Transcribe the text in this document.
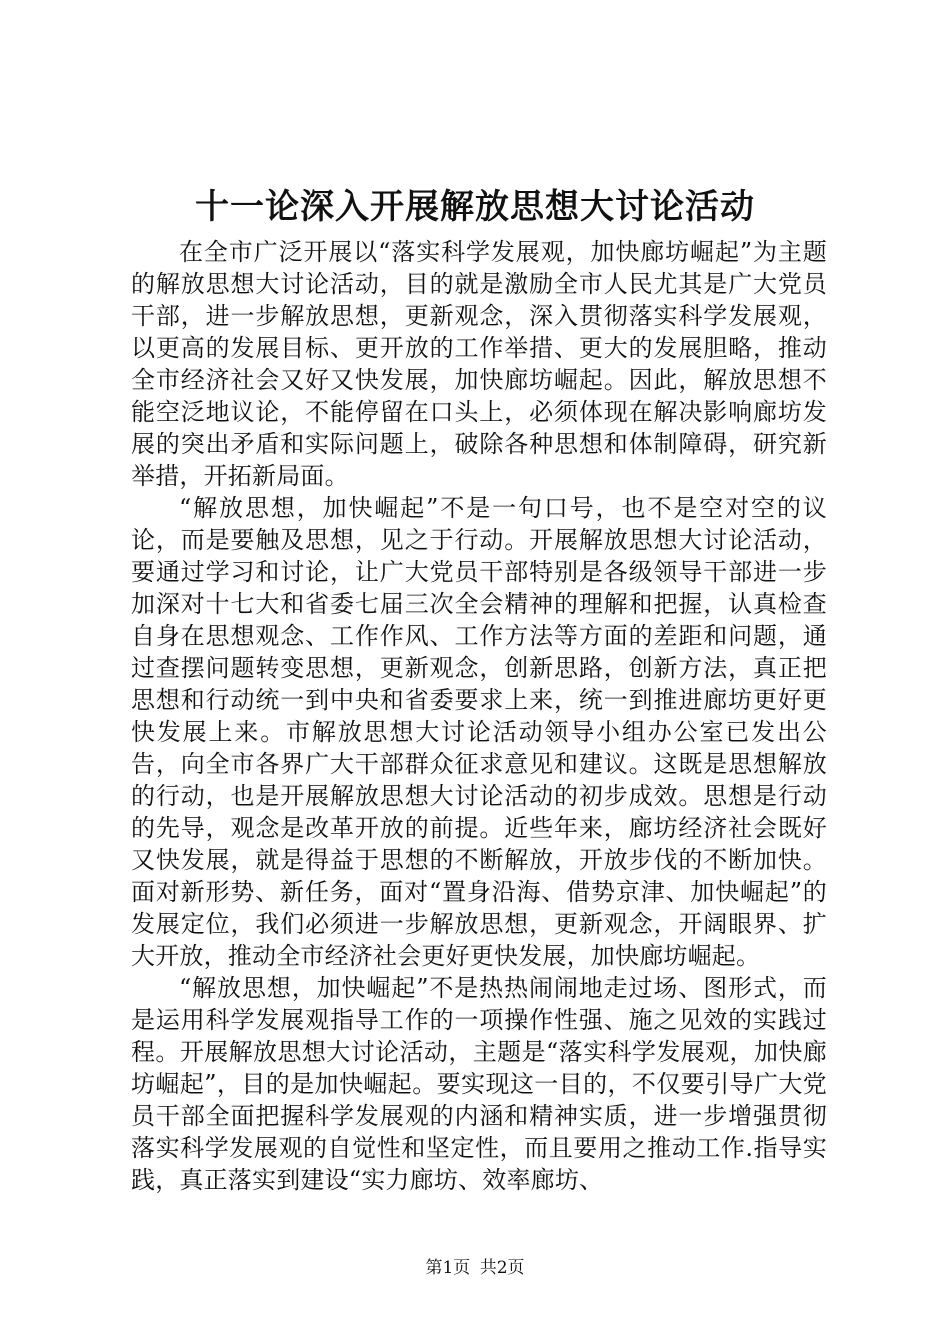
十一论深入开展解放思想大讨论活动

在全市广泛开展以“落实科学发展观，加快廊坊崛起”为主题的解放思想大讨论活动，目的就是激励全市人民尤其是广大党员干部，进一步解放思想，更新观念，深入贯彻落实科学发展观，以更高的发展目标、更开放的工作举措、更大的发展胆略，推动全市经济社会又好又快发展，加快廊坊崛起。因此，解放思想不能空泛地议论，不能停留在口头上，必须体现在解决影响廊坊发展的突出矛盾和实际问题上，破除各种思想和体制障碍，研究新举措，开拓新局面。

“解放思想，加快崛起”不是一句口号，也不是空对空的议论，而是要触及思想，见之于行动。开展解放思想大讨论活动，要通过学习和讨论，让广大党员干部特别是各级领导干部进一步加深对十七大和省委七届三次全会精神的理解和把握，认真检查自身在思想观念、工作作风、工作方法等方面的差距和问题，通过查摆问题转变思想，更新观念，创新思路，创新方法，真正把思想和行动统一到中央和省委要求上来，统一到推进廊坊更好更快发展上来。市解放思想大讨论活动领导小组办公室已发出公告，向全市各界广大干部群众征求意见和建议。这既是思想解放的行动，也是开展解放思想大讨论活动的初步成效。思想是行动的先导，观念是改革开放的前提。近些年来，廊坊经济社会既好又快发展，就是得益于思想的不断解放，开放步伐的不断加快。面对新形势、新任务，面对“置身沿海、借势京津、加快崛起”的发展定位，我们必须进一步解放思想，更新观念，开阔眼界、扩大开放，推动全市经济社会更好更快发展，加快廊坊崛起。

“解放思想，加快崛起”不是热热闹闹地走过场、图形式，而是运用科学发展观指导工作的一项操作性强、施之见效的实践过程。开展解放思想大讨论活动，主题是“落实科学发展观，加快廊坊崛起”，目的是加快崛起。要实现这一目的，不仅要引导广大党员干部全面把握科学发展观的内涵和精神实质，进一步增强贯彻落实科学发展观的自觉性和坚定性，而且要用之推动工作.指导实践，真正落实到建设“实力廊坊、效率廊坊、

第1页 共2页
